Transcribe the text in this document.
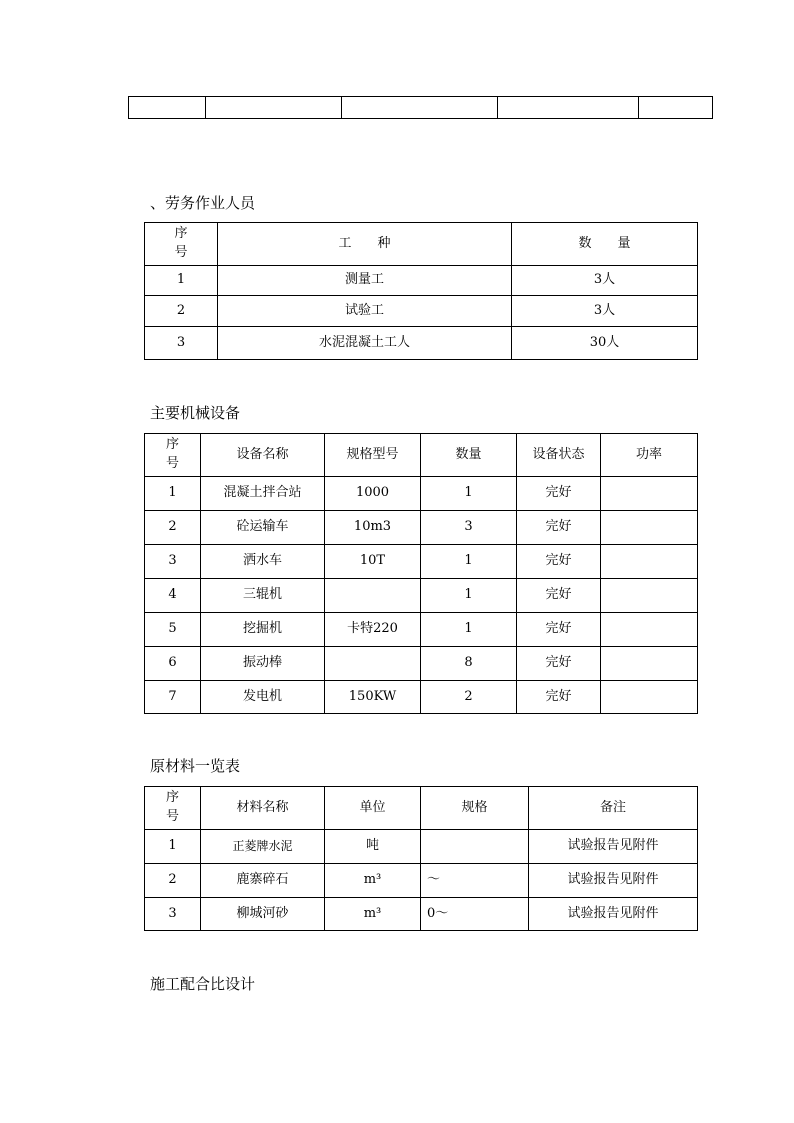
、劳务作业人员
序
号	工　　种	数　　量
1	测量工	3人
2	试验工	3人
3	水泥混凝土工人	30人
主要机械设备
序
号	设备名称	规格型号	数量	设备状态	功率
1	混凝土拌合站	1000	1	完好	
2	砼运输车	10m3	3	完好	
3	洒水车	10T	1	完好	
4	三辊机		1	完好	
5	挖掘机	卡特220	1	完好	
6	振动棒		8	完好	
7	发电机	150KW	2	完好	
原材料一览表
序
号	材料名称	单位	规格	备注
1	正菱牌水泥	吨		试验报告见附件
2	鹿寨碎石	m³	～	试验报告见附件
3	柳城河砂	m³	0～	试验报告见附件
施工配合比设计
